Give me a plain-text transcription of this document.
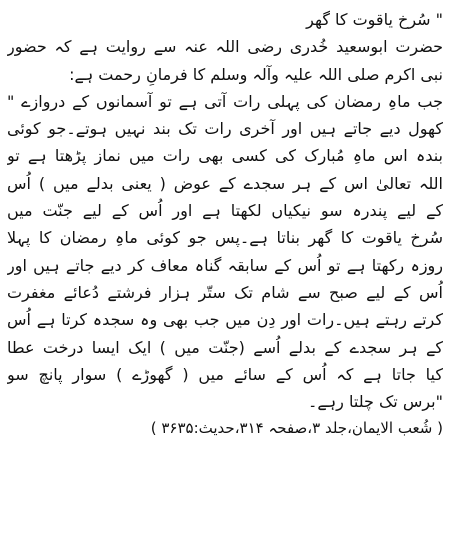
" سُرخ یاقوت کا گھر
حضرت ابوسعید خُدری رضی اللہ عنہ سے روایت ہے کہ حضور
نبی اکرم صلی اللہ علیہ وآلہ وسلم کا فرمانِ رحمت ہے:
جب ماہِ رمضان کی پہلی رات آتی ہے تو آسمانوں کے دروازے "
کھول دیے جاتے ہیں اور آخری رات تک بند نہیں ہوتے۔جو کوئی
بندہ اس ماہِ مُبارک کی کسی بھی رات میں نماز پڑھتا ہے تو
اللہ تعالیٰ اس کے ہر سجدے کے عوض ( یعنی بدلے میں ) اُس
کے لیے پندرہ سو نیکیاں لکھتا ہے اور اُس کے لیے جنّت میں
سُرخ یاقوت کا گھر بناتا ہے۔پس جو کوئی ماہِ رمضان کا پہلا
روزہ رکھتا ہے تو اُس کے سابقہ گناہ معاف کر دیے جاتے ہیں اور
اُس کے لیے صبح سے شام تک ستّر ہزار فرشتے دُعائے مغفرت
کرتے رہتے ہیں۔رات اور دِن میں جب بھی وہ سجدہ کرتا ہے اُس
کے ہر سجدے کے بدلے اُسے (جنّت میں ) ایک ایسا درخت عطا
کیا جاتا ہے کہ اُس کے سائے میں ( گھوڑے ) سوار پانچ سو
"برس تک چلتا رہے۔
( شُعب الایمان،جلد ۳،صفحہ ۳۱۴،حدیث:۳۶۳۵ )
